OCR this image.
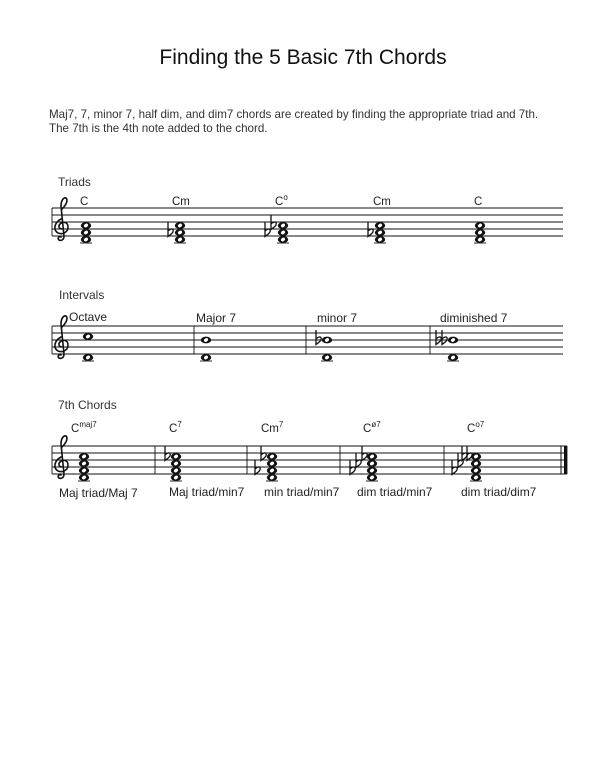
Finding the 5 Basic 7th Chords
Maj7, 7, minor 7, half dim, and dim7 chords are created by finding the appropriate triad and 7th.
The 7th is the 4th note added to the chord.
Triads
Intervals
7th Chords
C	Cm	$C^o$	Cm	C
Octave	Major 7	minor 7	diminished 7
$C^{maj7}$	$C^7$	Cm$^7$	$C^{ø7}$	$C^{o7}$
Maj triad/Maj 7	Maj triad/min7 min triad/min7 dim triad/min7 dim triad/dim7
